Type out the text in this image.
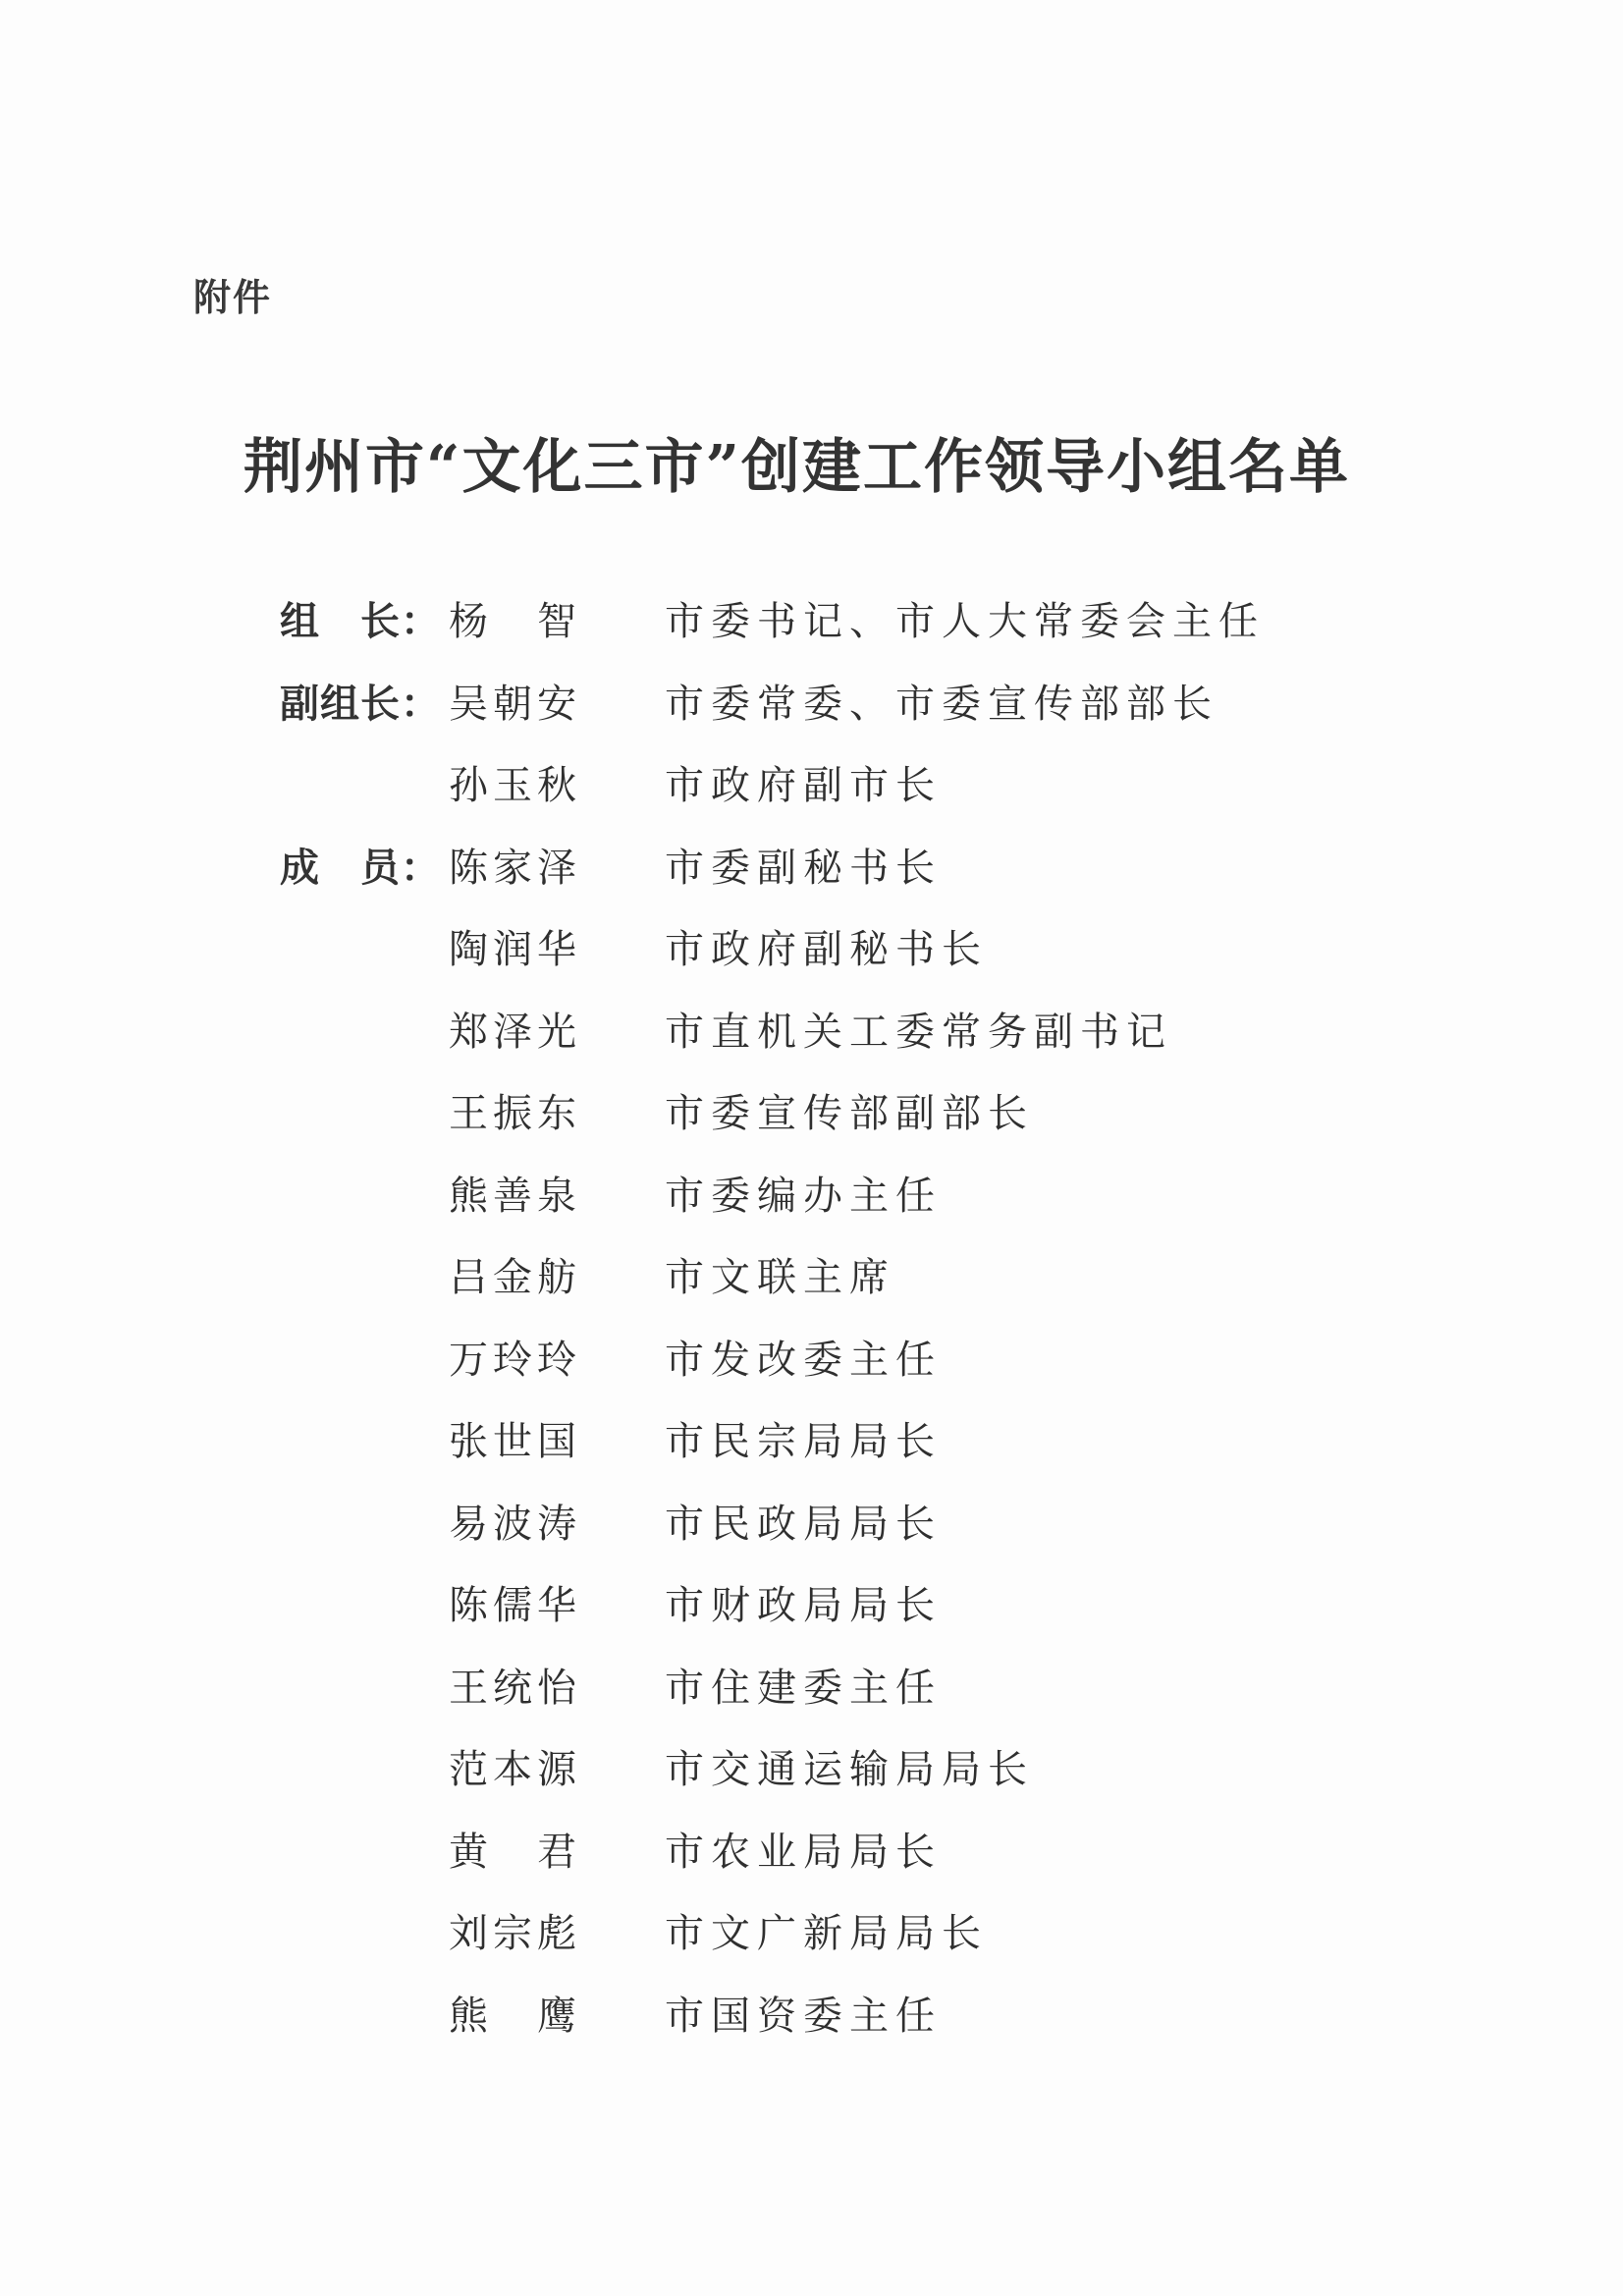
附件
荆州市“文化三市”创建工作领导小组名单
组　长： 杨　智	市委书记、市人大常委会主任
副组长： 吴朝安	市委常委、市委宣传部部长
孙玉秋	市政府副市长
成　员： 陈家泽	市委副秘书长
陶润华	市政府副秘书长
郑泽光	市直机关工委常务副书记
王振东	市委宣传部副部长
熊善泉	市委编办主任
吕金舫	市文联主席
万玲玲	市发改委主任
张世国	市民宗局局长
易波涛	市民政局局长
陈儒华	市财政局局长
王统怡	市住建委主任
范本源	市交通运输局局长
黄　君	市农业局局长
刘宗彪	市文广新局局长
熊　鹰	市国资委主任
